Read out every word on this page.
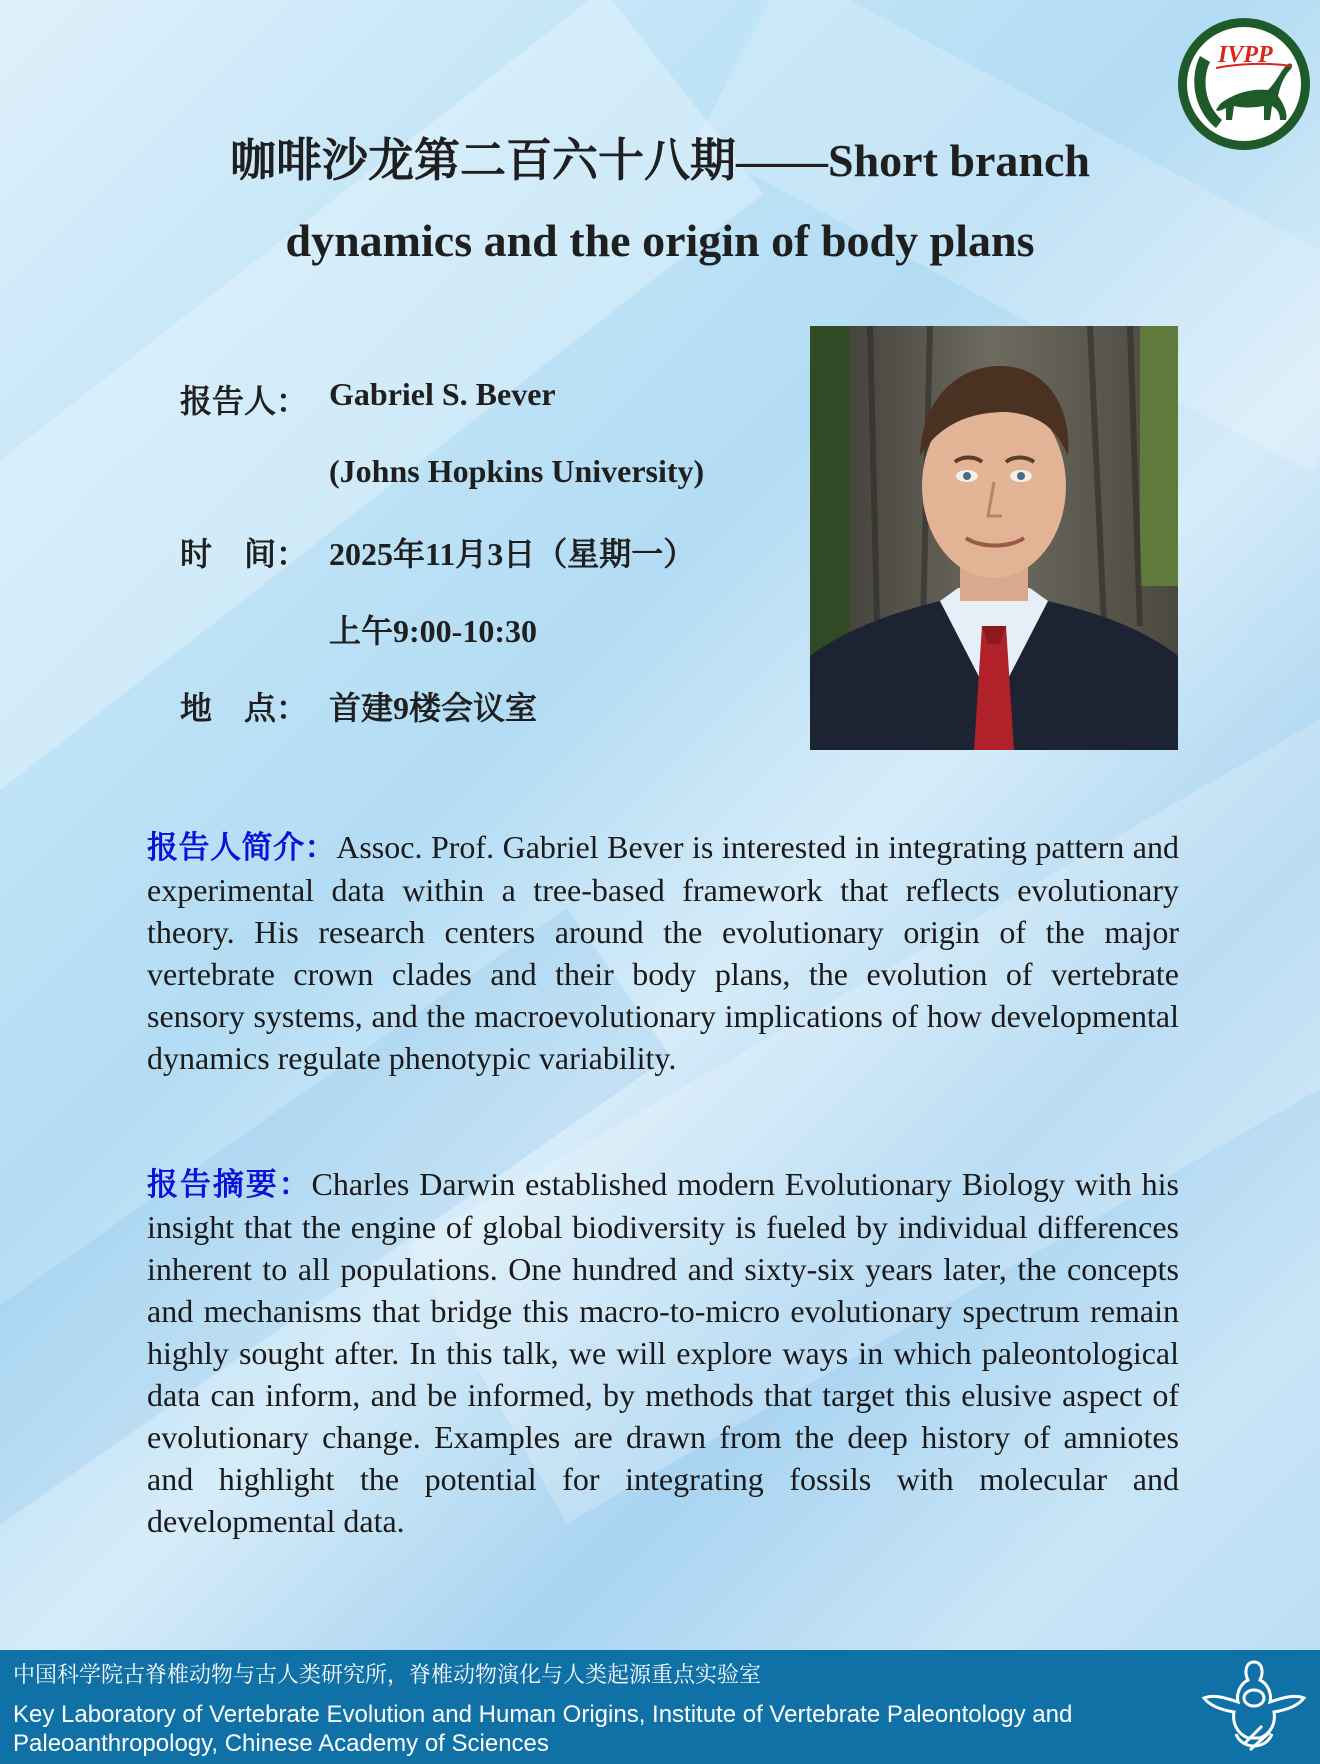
IVPP
咖啡沙龙第二百六十八期——Short branch
dynamics and the origin of body plans
报告人： Gabriel S. Bever
(Johns Hopkins University)
时　间： 2025年11月3日（星期一）
上午9:00-10:30
地　点： 首建9楼会议室

报告人简介：Assoc. Prof. Gabriel Bever is interested in integrating pattern and experimental data within a tree-based framework that reflects evolutionary theory. His research centers around the evolutionary origin of the major vertebrate crown clades and their body plans, the evolution of vertebrate sensory systems, and the macroevolutionary implications of how developmental dynamics regulate phenotypic variability.

报告摘要：Charles Darwin established modern Evolutionary Biology with his insight that the engine of global biodiversity is fueled by individual differences inherent to all populations. One hundred and sixty-six years later, the concepts and mechanisms that bridge this macro-to-micro evolutionary spectrum remain highly sought after. In this talk, we will explore ways in which paleontological data can inform, and be informed, by methods that target this elusive aspect of evolutionary change. Examples are drawn from the deep history of amniotes and highlight the potential for integrating fossils with molecular and developmental data.

中国科学院古脊椎动物与古人类研究所，脊椎动物演化与人类起源重点实验室
Key Laboratory of Vertebrate Evolution and Human Origins, Institute of Vertebrate Paleontology and
Paleoanthropology, Chinese Academy of Sciences
